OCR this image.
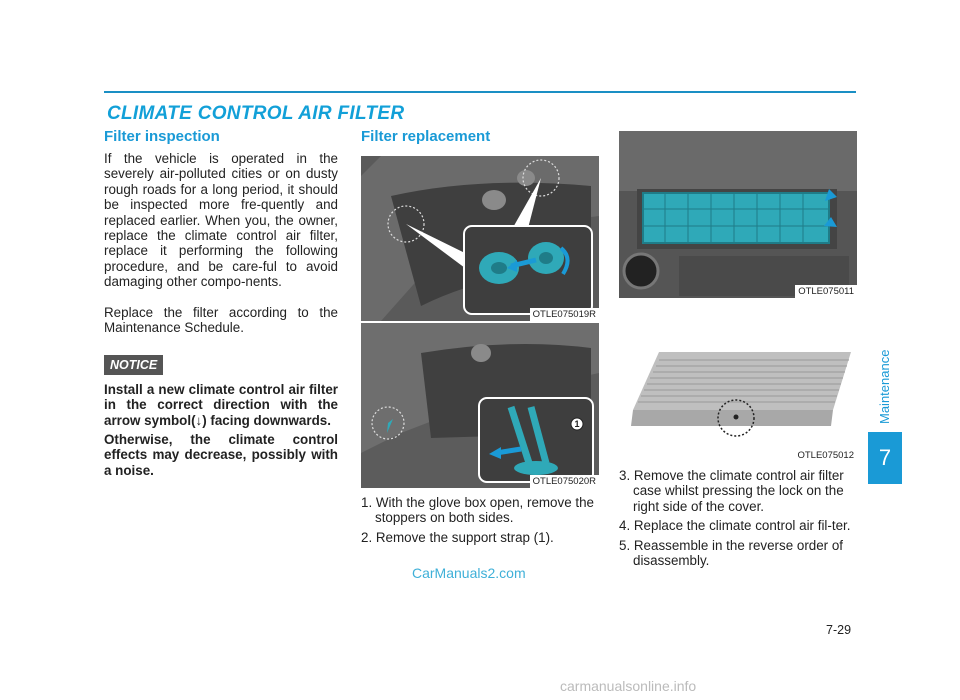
CLIMATE CONTROL AIR FILTER
Filter inspection

If the vehicle is operated in the severely air-polluted cities or on dusty rough roads for a long period, it should be inspected more fre-quently and replaced earlier. When you, the owner, replace the climate control air filter, replace it performing the following procedure, and be care-ful to avoid damaging other compo-nents.

Replace the filter according to the Maintenance Schedule.

NOTICE

Install a new climate control air filter in the correct direction with the arrow symbol(↓) facing downwards.

Otherwise, the climate control effects may decrease, possibly with a noise.

Filter replacement
OTLE075019R
1
OTLE075020R
1. With the glove box open, remove the stoppers on both sides.
2. Remove the support strap (1).
OTLE075011
OTLE075012
3. Remove the climate control air filter case whilst pressing the lock on the right side of the cover.
4. Replace the climate control air fil-ter.
5. Reassemble in the reverse order of disassembly.
Maintenance
7
7-29
CarManuals2.com
carmanualsonline.info
